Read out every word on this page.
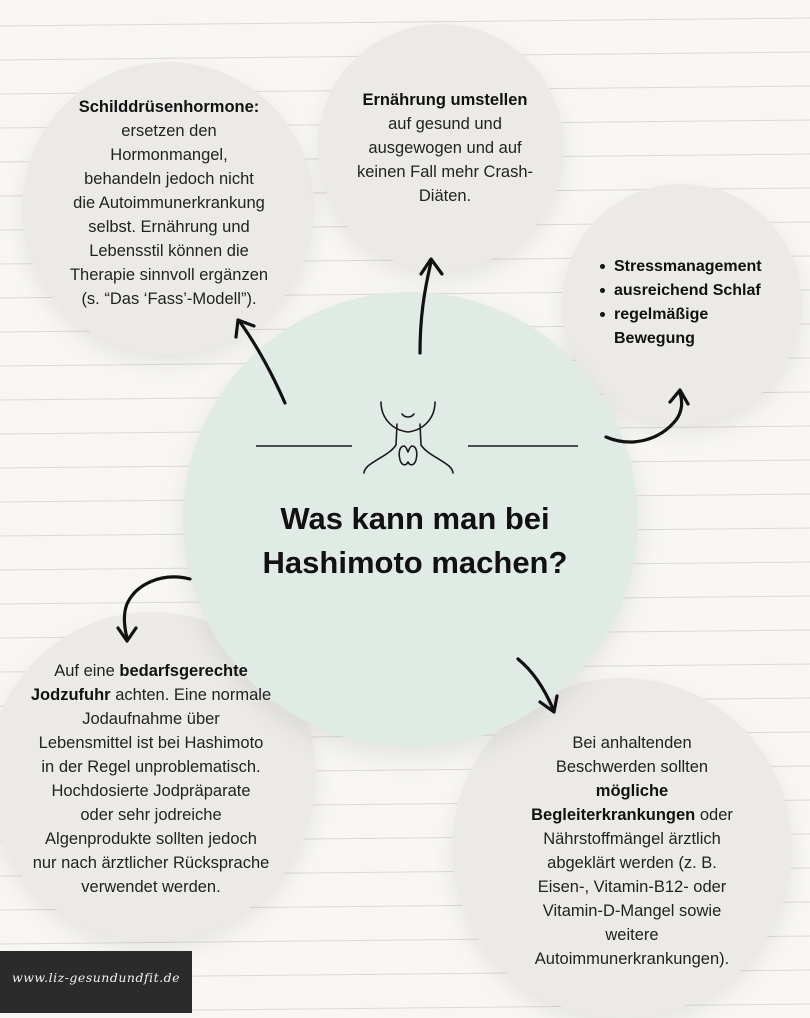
Schilddrüsenhormone:
ersetzen den
Hormonmangel,
behandeln jedoch nicht
die Autoimmunerkrankung
selbst. Ernährung und
Lebensstil können die
Therapie sinnvoll ergänzen
(s. “Das ‘Fass’-Modell”).
Ernährung umstellen
auf gesund und
ausgewogen und auf
keinen Fall mehr Crash-
Diäten.
Stressmanagement
ausreichend Schlaf
regelmäßige Bewegung
Auf eine bedarfsgerechte
Jodzufuhr achten. Eine normale
Jodaufnahme über
Lebensmittel ist bei Hashimoto
in der Regel unproblematisch.
Hochdosierte Jodpräparate
oder sehr jodreiche
Algenprodukte sollten jedoch
nur nach ärztlicher Rücksprache
verwendet werden.
Bei anhaltenden
Beschwerden sollten
mögliche
Begleiterkrankungen oder
Nährstoffmängel ärztlich
abgeklärt werden (z. B.
Eisen-, Vitamin-B12- oder
Vitamin-D-Mangel sowie
weitere
Autoimmunerkrankungen).
Was kann man bei
Hashimoto machen?
www.liz-gesundundfit.de
